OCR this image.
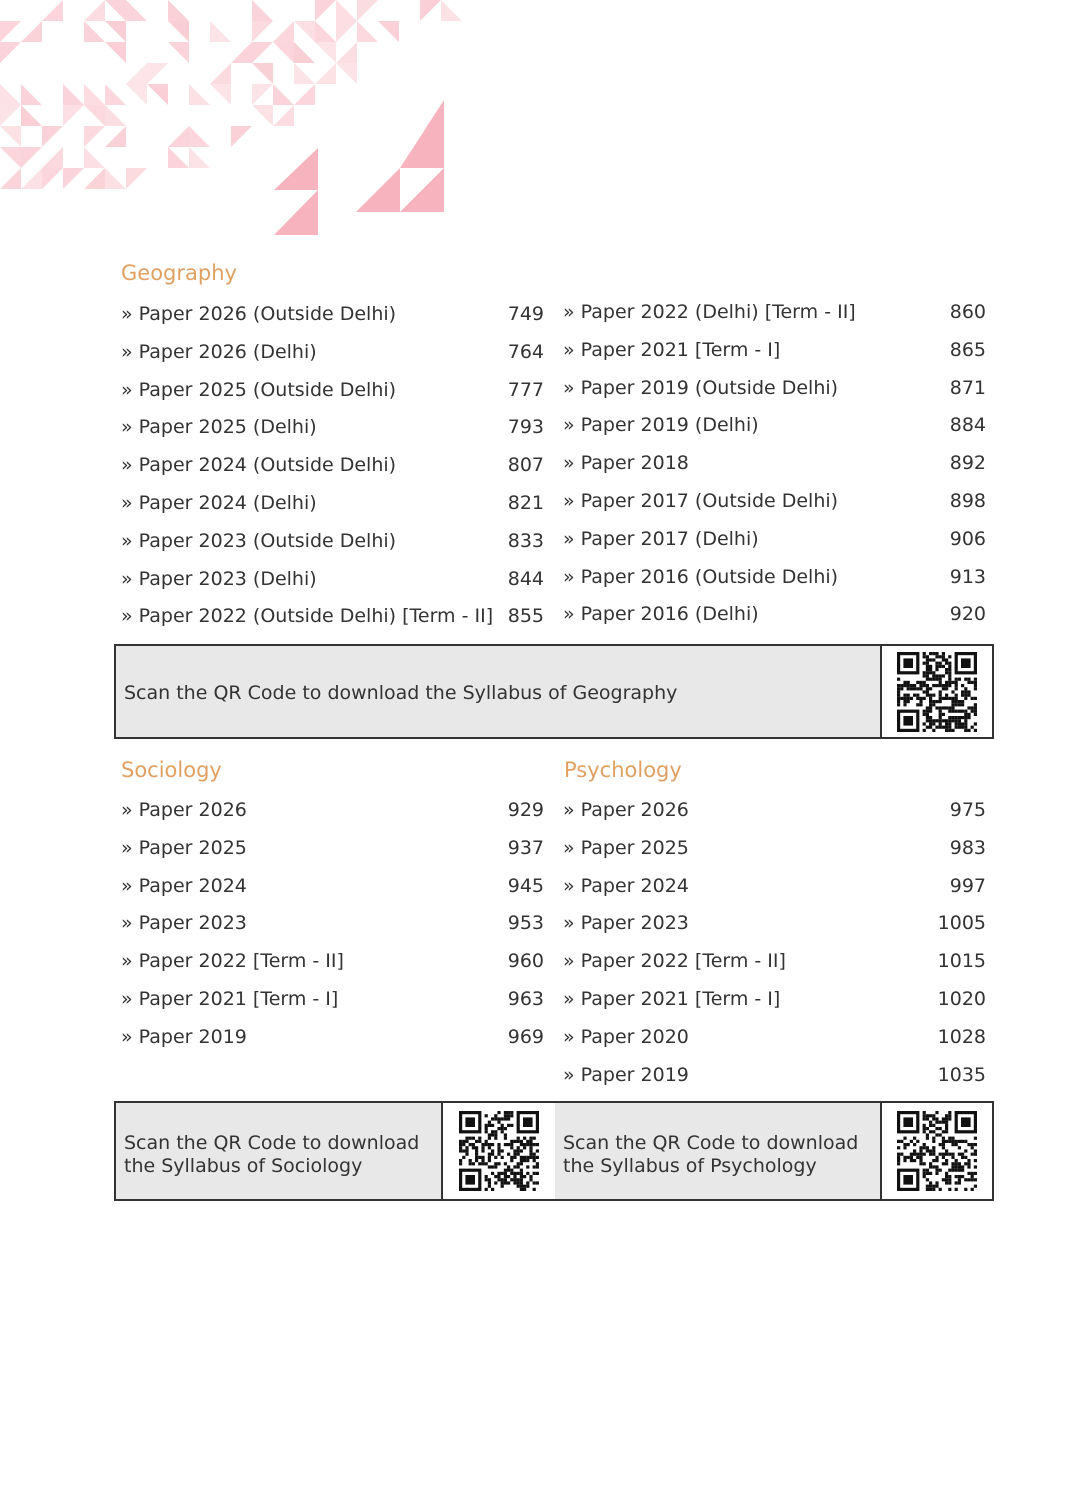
Geography
» Paper 2026 (Outside Delhi)	749
» Paper 2026 (Delhi)	764
» Paper 2025 (Outside Delhi)	777
» Paper 2025 (Delhi)	793
» Paper 2024 (Outside Delhi)	807
» Paper 2024 (Delhi)	821
» Paper 2023 (Outside Delhi)	833
» Paper 2023 (Delhi)	844
» Paper 2022 (Outside Delhi) [Term - II] 855
» Paper 2022 (Delhi) [Term - II]	860
» Paper 2021 [Term - I]	865
» Paper 2019 (Outside Delhi)	871
» Paper 2019 (Delhi)	884
» Paper 2018	892
» Paper 2017 (Outside Delhi)	898
» Paper 2017 (Delhi)	906
» Paper 2016 (Outside Delhi)	913
» Paper 2016 (Delhi)	920
Scan the QR Code to download the Syllabus of Geography
Sociology
» Paper 2026	929
» Paper 2025	937
» Paper 2024	945
» Paper 2023	953
» Paper 2022 [Term - II]	960
» Paper 2021 [Term - I]	963
» Paper 2019	969
Psychology
» Paper 2026	975
» Paper 2025	983
» Paper 2024	997
» Paper 2023	1005
» Paper 2022 [Term - II]	1015
» Paper 2021 [Term - I]	1020
» Paper 2020	1028
» Paper 2019	1035
Scan the QR Code to download
the Syllabus of Sociology
Scan the QR Code to download
the Syllabus of Psychology
